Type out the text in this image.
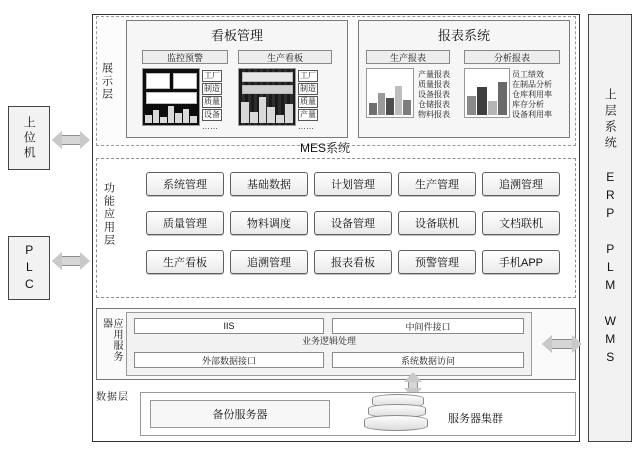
上位机
PLC	上层系统 ERP PLM WMS
展示层
看板管理
监控预警	生产看板
工厂
制造
质量
设备
……
工厂
制造
质量
产量
……
报表系统
生产报表	分析报表
产量报表
质量报表
设备报表
仓储报表
物料报表
员工绩效
在制品分析
仓库利用率
库存分析
设备利用率
MES系统
功能应用层	系统管理	基础数据	计划管理	生产管理	追溯管理
质量管理	物料调度	设备管理	设备联机	文档联机
生产看板	追溯管理	报表看板	预警管理	手机APP
应用服务器	IIS	中间件接口
业务逻辑处理
外部数据接口	系统数据访问
数据层
备份服务器	服务器集群
